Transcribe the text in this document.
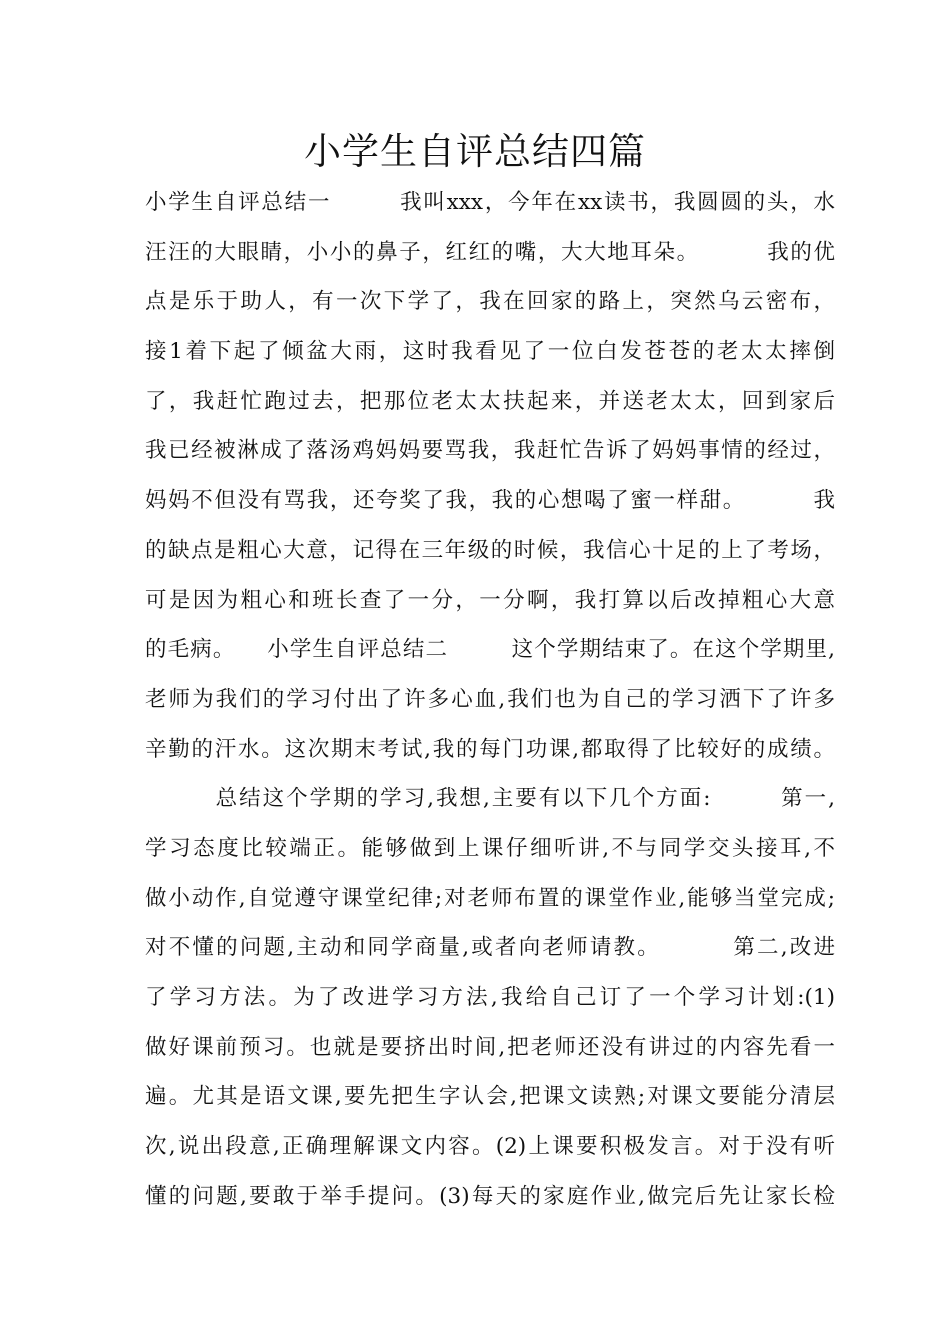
小学生自评总结四篇
小学生自评总结一        我叫xxx，今年在xx读书，我圆圆的头，水
汪汪的大眼睛，小小的鼻子，红红的嘴，大大地耳朵。        我的优
点是乐于助人，有一次下学了，我在回家的路上，突然乌云密布，
接1着下起了倾盆大雨，这时我看见了一位白发苍苍的老太太摔倒
了，我赶忙跑过去，把那位老太太扶起来，并送老太太，回到家后
我已经被淋成了落汤鸡妈妈要骂我，我赶忙告诉了妈妈事情的经过，
妈妈不但没有骂我，还夸奖了我，我的心想喝了蜜一样甜。        我
的缺点是粗心大意，记得在三年级的时候，我信心十足的上了考场，
可是因为粗心和班长查了一分，一分啊，我打算以后改掉粗心大意
的毛病。    小学生自评总结二        这个学期结束了。在这个学期里,
老师为我们的学习付出了许多心血,我们也为自己的学习洒下了许多
辛勤的汗水。这次期末考试,我的每门功课,都取得了比较好的成绩。
总结这个学期的学习,我想,主要有以下几个方面:        第一,
学习态度比较端正。能够做到上课仔细听讲,不与同学交头接耳,不
做小动作,自觉遵守课堂纪律;对老师布置的课堂作业,能够当堂完成;
对不懂的问题,主动和同学商量,或者向老师请教。        第二,改进
了学习方法。为了改进学习方法,我给自己订了一个学习计划:(1)
做好课前预习。也就是要挤出时间,把老师还没有讲过的内容先看一
遍。尤其是语文课,要先把生字认会,把课文读熟;对课文要能分清层
次,说出段意,正确理解课文内容。(2)上课要积极发言。对于没有听
懂的问题,要敢于举手提问。(3)每天的家庭作业,做完后先让家长检
